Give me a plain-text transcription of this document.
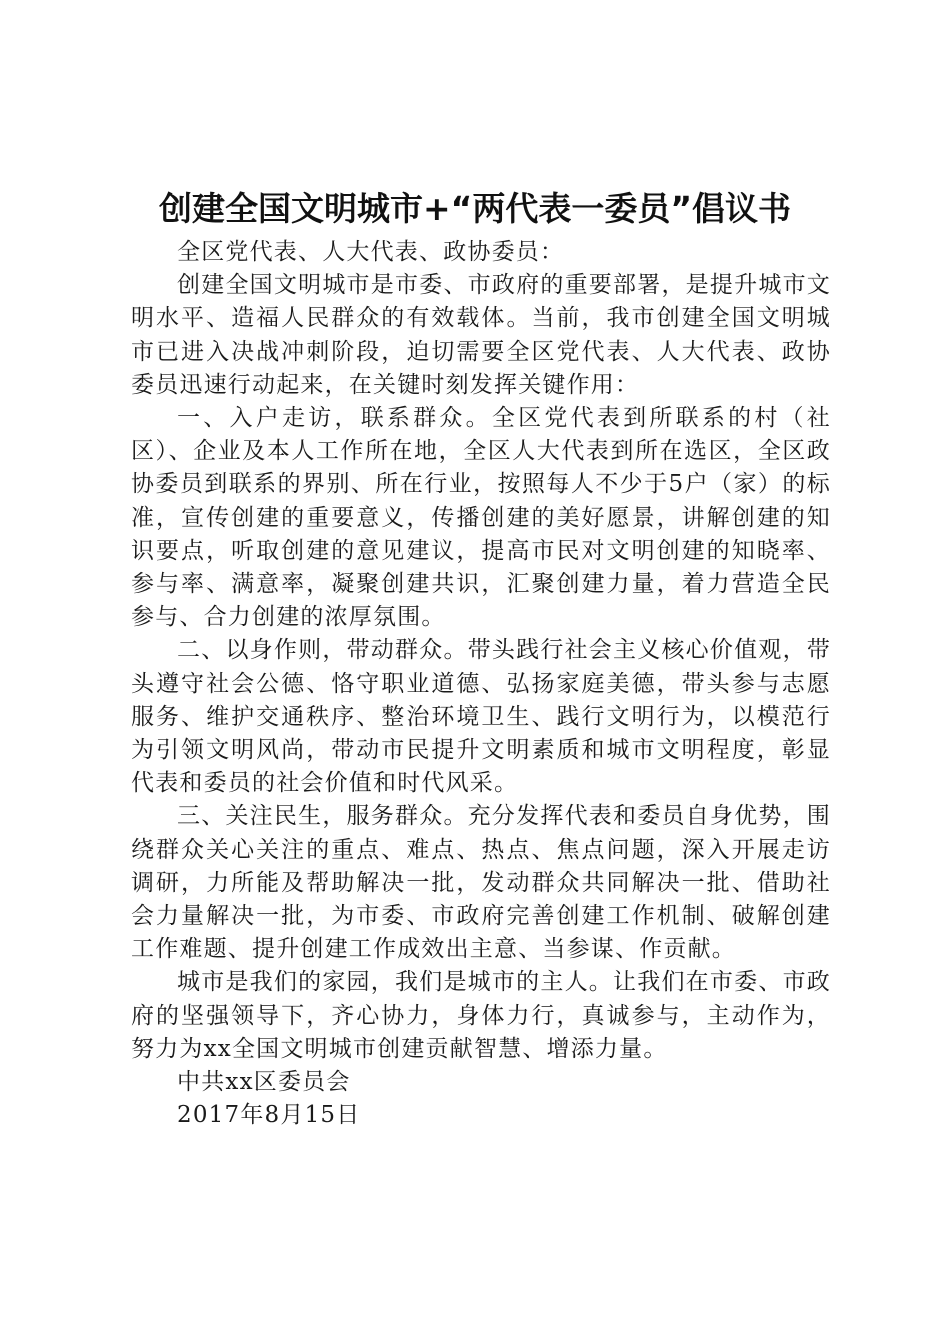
创建全国文明城市+“两代表一委员”倡议书

全区党代表、人大代表、政协委员：

创建全国文明城市是市委、市政府的重要部署，是提升城市文明水平、造福人民群众的有效载体。当前，我市创建全国文明城市已进入决战冲刺阶段，迫切需要全区党代表、人大代表、政协委员迅速行动起来，在关键时刻发挥关键作用：

一、入户走访，联系群众。全区党代表到所联系的村（社区）、企业及本人工作所在地，全区人大代表到所在选区，全区政协委员到联系的界别、所在行业，按照每人不少于5户（家）的标准，宣传创建的重要意义，传播创建的美好愿景，讲解创建的知识要点，听取创建的意见建议，提高市民对文明创建的知晓率、参与率、满意率，凝聚创建共识，汇聚创建力量，着力营造全民参与、合力创建的浓厚氛围。

二、以身作则，带动群众。带头践行社会主义核心价值观，带头遵守社会公德、恪守职业道德、弘扬家庭美德，带头参与志愿服务、维护交通秩序、整治环境卫生、践行文明行为，以模范行为引领文明风尚，带动市民提升文明素质和城市文明程度，彰显代表和委员的社会价值和时代风采。

三、关注民生，服务群众。充分发挥代表和委员自身优势，围绕群众关心关注的重点、难点、热点、焦点问题，深入开展走访调研，力所能及帮助解决一批，发动群众共同解决一批、借助社会力量解决一批，为市委、市政府完善创建工作机制、破解创建工作难题、提升创建工作成效出主意、当参谋、作贡献。

城市是我们的家园，我们是城市的主人。让我们在市委、市政府的坚强领导下，齐心协力，身体力行，真诚参与，主动作为，努力为xx全国文明城市创建贡献智慧、增添力量。

中共xx区委员会

2017年8月15日
